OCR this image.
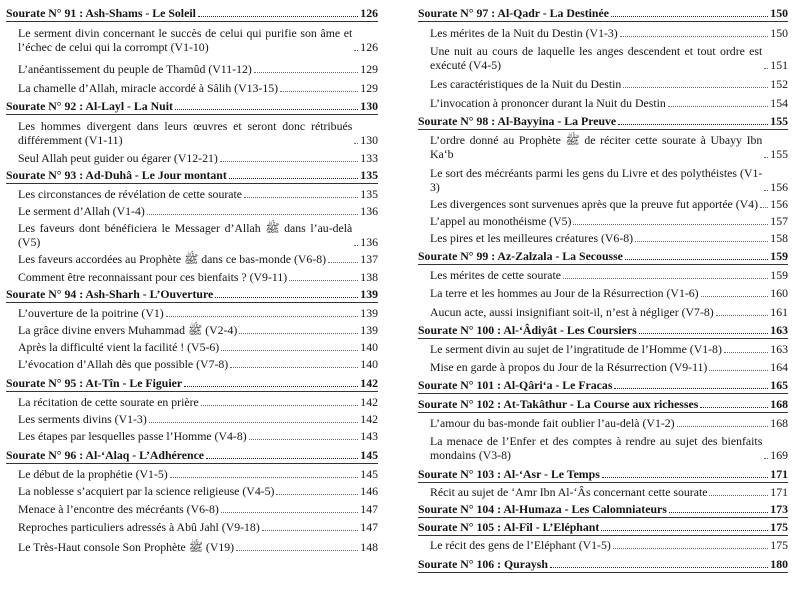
Sourate N° 91 : Ash-Shams - Le Soleil	126
Le serment divin concernant le succès de celui qui purifie son âme et l’échec de celui qui la corrompt (V1-10)	126
L’anéantissement du peuple de Thamûd (V11-12)	129
La chamelle d’Allah, miracle accordé à Sâlih (V13-15)	129
Sourate N° 92 : Al-Layl - La Nuit	130
Les hommes divergent dans leurs œuvres et seront donc rétribués différemment (V1-11)	130
Seul Allah peut guider ou égarer (V12-21)	133
Sourate N° 93 : Ad-Duhâ - Le Jour montant	135
Les circonstances de révélation de cette sourate	135
Le serment d’Allah (V1-4)	136
Les faveurs dont bénéficiera le Messager d’Allah ﷺ dans l’au-delà (V5)	136
Les faveurs accordées au Prophète ﷺ dans ce bas-monde (V6-8)	137
Comment être reconnaissant pour ces bienfaits ? (V9-11)	138
Sourate N° 94 : Ash-Sharh - L’Ouverture	139
L’ouverture de la poitrine (V1)	139
La grâce divine envers Muhammad ﷺ (V2-4)	139
Après la difficulté vient la facilité ! (V5-6)	140
L’évocation d’Allah dès que possible (V7-8)	140
Sourate N° 95 : At-Tîn - Le Figuier	142
La récitation de cette sourate en prière	142
Les serments divins (V1-3)	142
Les étapes par lesquelles passe l’Homme (V4-8)	143
Sourate N° 96 : Al-‘Alaq - L’Adhérence	145
Le début de la prophétie (V1-5)	145
La noblesse s’acquiert par la science religieuse (V4-5)	146
Menace à l’encontre des mécréants (V6-8)	147
Reproches particuliers adressés à Abû Jahl (V9-18)	147
Le Très-Haut console Son Prophète ﷺ (V19)	148
Sourate N° 97 : Al-Qadr - La Destinée	150
Les mérites de la Nuit du Destin (V1-3)	150
Une nuit au cours de laquelle les anges descendent et tout ordre est exécuté (V4-5)	151
Les caractéristiques de la Nuit du Destin	152
L’invocation à prononcer durant la Nuit du Destin	154
Sourate N° 98 : Al-Bayyina - La Preuve	155
L’ordre donné au Prophète ﷺ de réciter cette sourate à Ubayy Ibn Ka‘b	155
Le sort des mécréants parmi les gens du Livre et des polythéistes (V1-3)	156
Les divergences sont survenues après que la preuve fut apportée (V4) 156
L’appel au monothéisme (V5)	157
Les pires et les meilleures créatures (V6-8)	158
Sourate N° 99 : Az-Zalzala - La Secousse	159
Les mérites de cette sourate	159
La terre et les hommes au Jour de la Résurrection (V1-6)	160
Aucun acte, aussi insignifiant soit-il, n’est à négliger (V7-8)	161
Sourate N° 100 : Al-‘Âdiyât - Les Coursiers	163
Le serment divin au sujet de l’ingratitude de l’Homme (V1-8)	163
Mise en garde à propos du Jour de la Résurrection (V9-11)	164
Sourate N° 101 : Al-Qâri‘a - Le Fracas	165
Sourate N° 102 : At-Takâthur - La Course aux richesses	168
L’amour du bas-monde fait oublier l’au-delà (V1-2)	168
La menace de l’Enfer et des comptes à rendre au sujet des bienfaits mondains (V3-8)	169
Sourate N° 103 : Al-‘Asr - Le Temps	171
Récit au sujet de ‘Amr Ibn Al-‘Âs concernant cette sourate	171
Sourate N° 104 : Al-Humaza - Les Calomniateurs	173
Sourate N° 105 : Al-Fîl - L’Eléphant	175
Le récit des gens de l’Eléphant (V1-5)	175
Sourate N° 106 : Quraysh	180
